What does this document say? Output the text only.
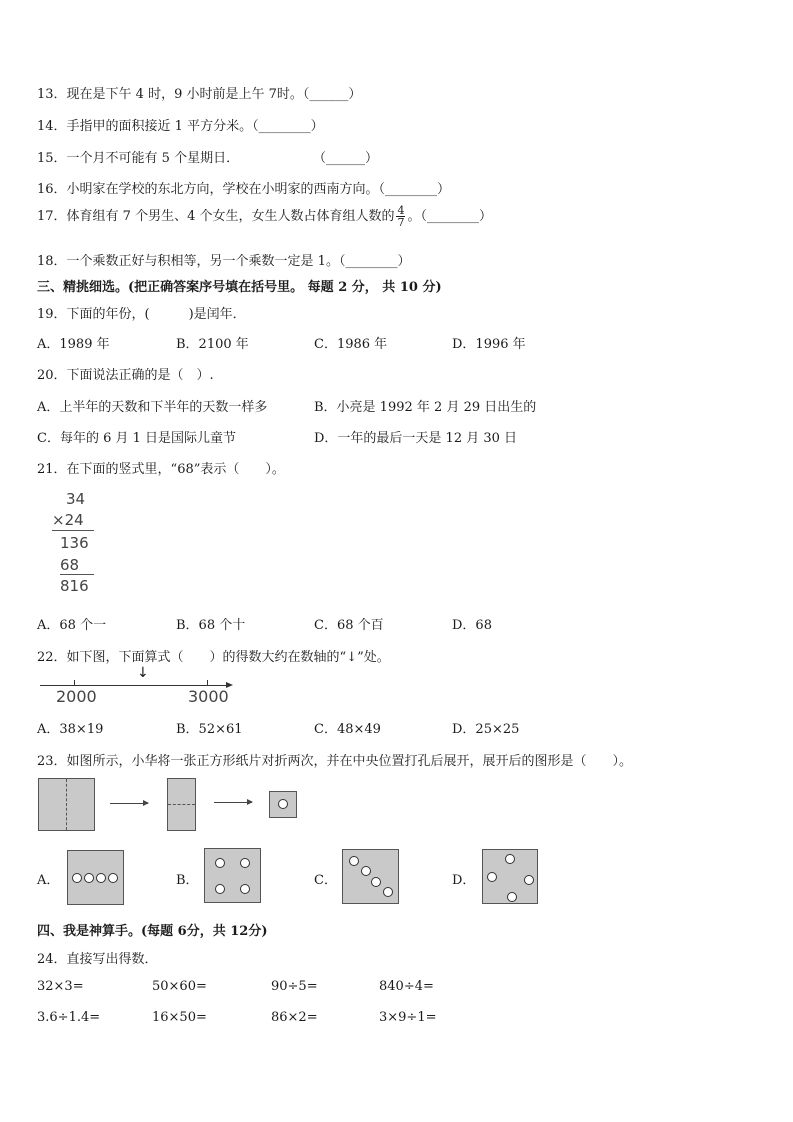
13．现在是下午 4 时，9 小时前是上午 7时。（______）
14．手指甲的面积接近 1 平方分米。（________）
15．一个月不可能有 5 个星期日．	（______）
16．小明家在学校的东北方向，学校在小明家的西南方向。（________）
17．体育组有 7 个男生、4 个女生，女生人数占体育组人数的 $\frac{4}{7}$ 。（________）
18．一个乘数正好与积相等，另一个乘数一定是 1。（________）
三、精挑细选。(把正确答案序号填在括号里。 每题 2 分， 共 10 分)
19．下面的年份，(　　　)是闰年．
A．1989 年	B．2100 年	C．1986 年	D．1996 年
20．下面说法正确的是（　）.
A．上半年的天数和下半年的天数一样多	B．小亮是 1992 年 2 月 29 日出生的
C．每年的 6 月 1 日是国际儿童节	D．一年的最后一天是 12 月 30 日
21．在下面的竖式里，“68”表示（　　）。
34
×24
136
68
816
A．68 个一	B．68 个十	C．68 个百	D．68
22．如下图，下面算式（　　）的得数大约在数轴的“↓”处。
↓
2000	3000
A．38×19	B．52×61	C．48×49	D．25×25
23．如图所示，小华将一张正方形纸片对折两次，并在中央位置打孔后展开，展开后的图形是（　　）。
A．	B．	C．	D．
四、我是神算手。(每题 6分，共 12分)
24．直接写出得数．
32×3=	50×60=	90÷5=	840÷4=
3.6÷1.4=	16×50=	86×2=	3×9÷1=
